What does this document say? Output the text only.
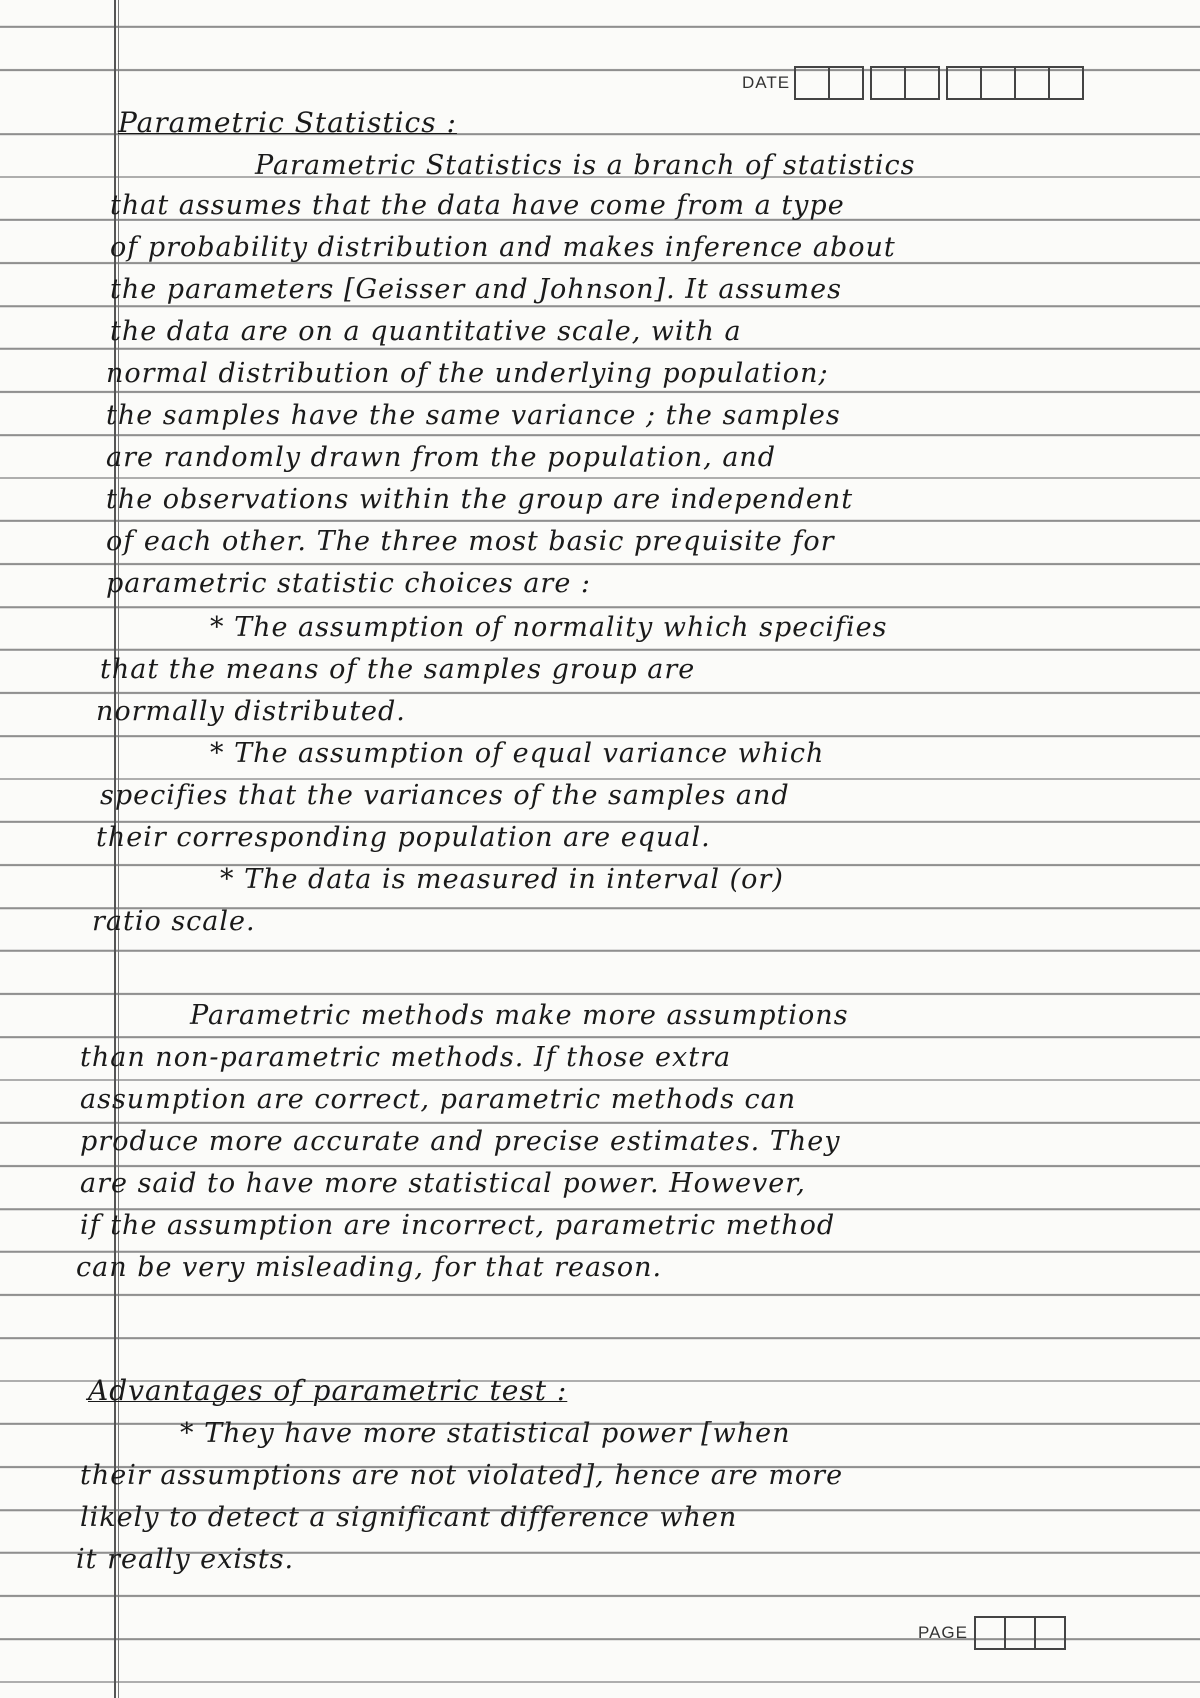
DATE
Parametric Statistics :
Parametric Statistics is a branch of statistics
that assumes that the data have come from a type
of probability distribution and makes inference about
the parameters [Geisser and Johnson]. It assumes
the data are on a quantitative scale, with a
normal distribution of the underlying population;
the samples have the same variance ; the samples
are randomly drawn from the population, and
the observations within the group are independent
of each other. The three most basic prequisite for
parametric statistic choices are :
* The assumption of normality which specifies
that the means of the samples group are
normally distributed.
* The assumption of equal variance which
specifies that the variances of the samples and
their corresponding population are equal.
* The data is measured in interval (or)
ratio scale.
Parametric methods make more assumptions
than non-parametric methods. If those extra
assumption are correct, parametric methods can
produce more accurate and precise estimates. They
are said to have more statistical power. However,
if the assumption are incorrect, parametric method
can be very misleading, for that reason.
Advantages of parametric test :
* They have more statistical power [when
their assumptions are not violated], hence are more
likely to detect a significant difference when
it really exists.
PAGE
